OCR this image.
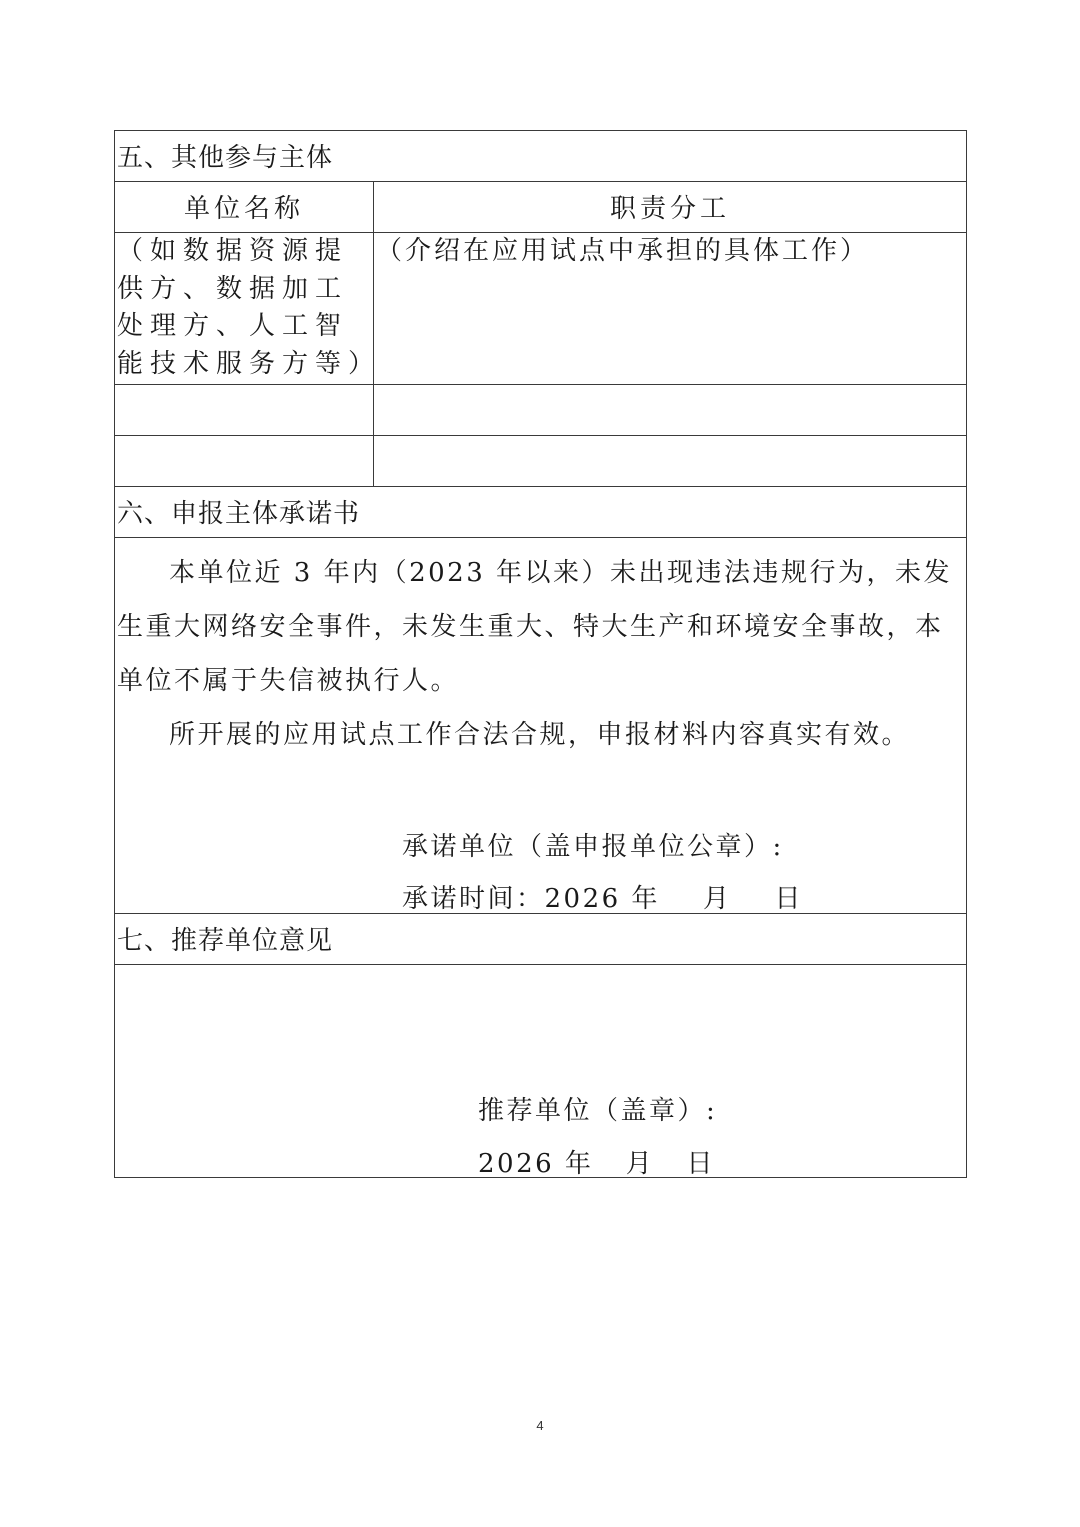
五、其他参与主体	

单位名称	职责分工

（如数据资源提供方、数据加工处理方、人工智能技术服务方等）	（介绍在应用试点中承担的具体工作）

六、申报主体承诺书	

本单位近 3 年内（2023 年以来）未出现违法违规行为，未发生重大网络安全事件，未发生重大、特大生产和环境安全事故，本单位不属于失信被执行人。

所开展的应用试点工作合法合规，申报材料内容真实有效。	

七、推荐单位意见	

承诺单位（盖申报单位公章）:
承诺时间：2026 年    月    日
推荐单位（盖章）:
2026 年   月   日
4
